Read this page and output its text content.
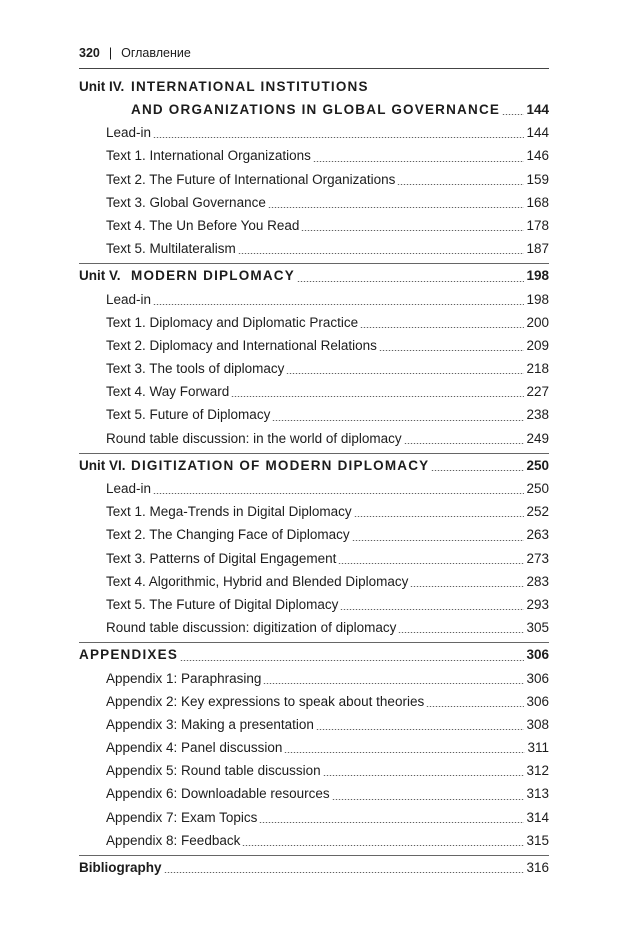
320 | Оглавление
Unit IV. INTERNATIONAL INSTITUTIONS
AND ORGANIZATIONS IN GLOBAL GOVERNANCE 144
Lead-in	144
Text 1. International Organizations	146
Text 2. The Future of International Organizations	159
Text 3. Global Governance	168
Text 4. The Un Before You Read	178
Text 5. Multilateralism	187
Unit V. MODERN DIPLOMACY	198
Lead-in	198
Text 1. Diplomacy and Diplomatic Practice	200
Text 2. Diplomacy and International Relations	209
Text 3. The tools of diplomacy	218
Text 4. Way Forward	227
Text 5. Future of Diplomacy	238
Round table discussion: in the world of diplomacy	249
Unit VI. DIGITIZATION OF MODERN DIPLOMACY	250
Lead-in	250
Text 1. Mega-Trends in Digital Diplomacy	252
Text 2. The Changing Face of Diplomacy	263
Text 3. Patterns of Digital Engagement	273
Text 4. Algorithmic, Hybrid and Blended Diplomacy	283
Text 5. The Future of Digital Diplomacy	293
Round table discussion: digitization of diplomacy	305
APPENDIXES	306
Appendix 1: Paraphrasing	306
Appendix 2: Key expressions to speak about theories	306
Appendix 3: Making a presentation	308
Appendix 4: Panel discussion	311
Appendix 5: Round table discussion	312
Appendix 6: Downloadable resources	313
Appendix 7: Exam Topics	314
Appendix 8: Feedback	315
Bibliography	316
